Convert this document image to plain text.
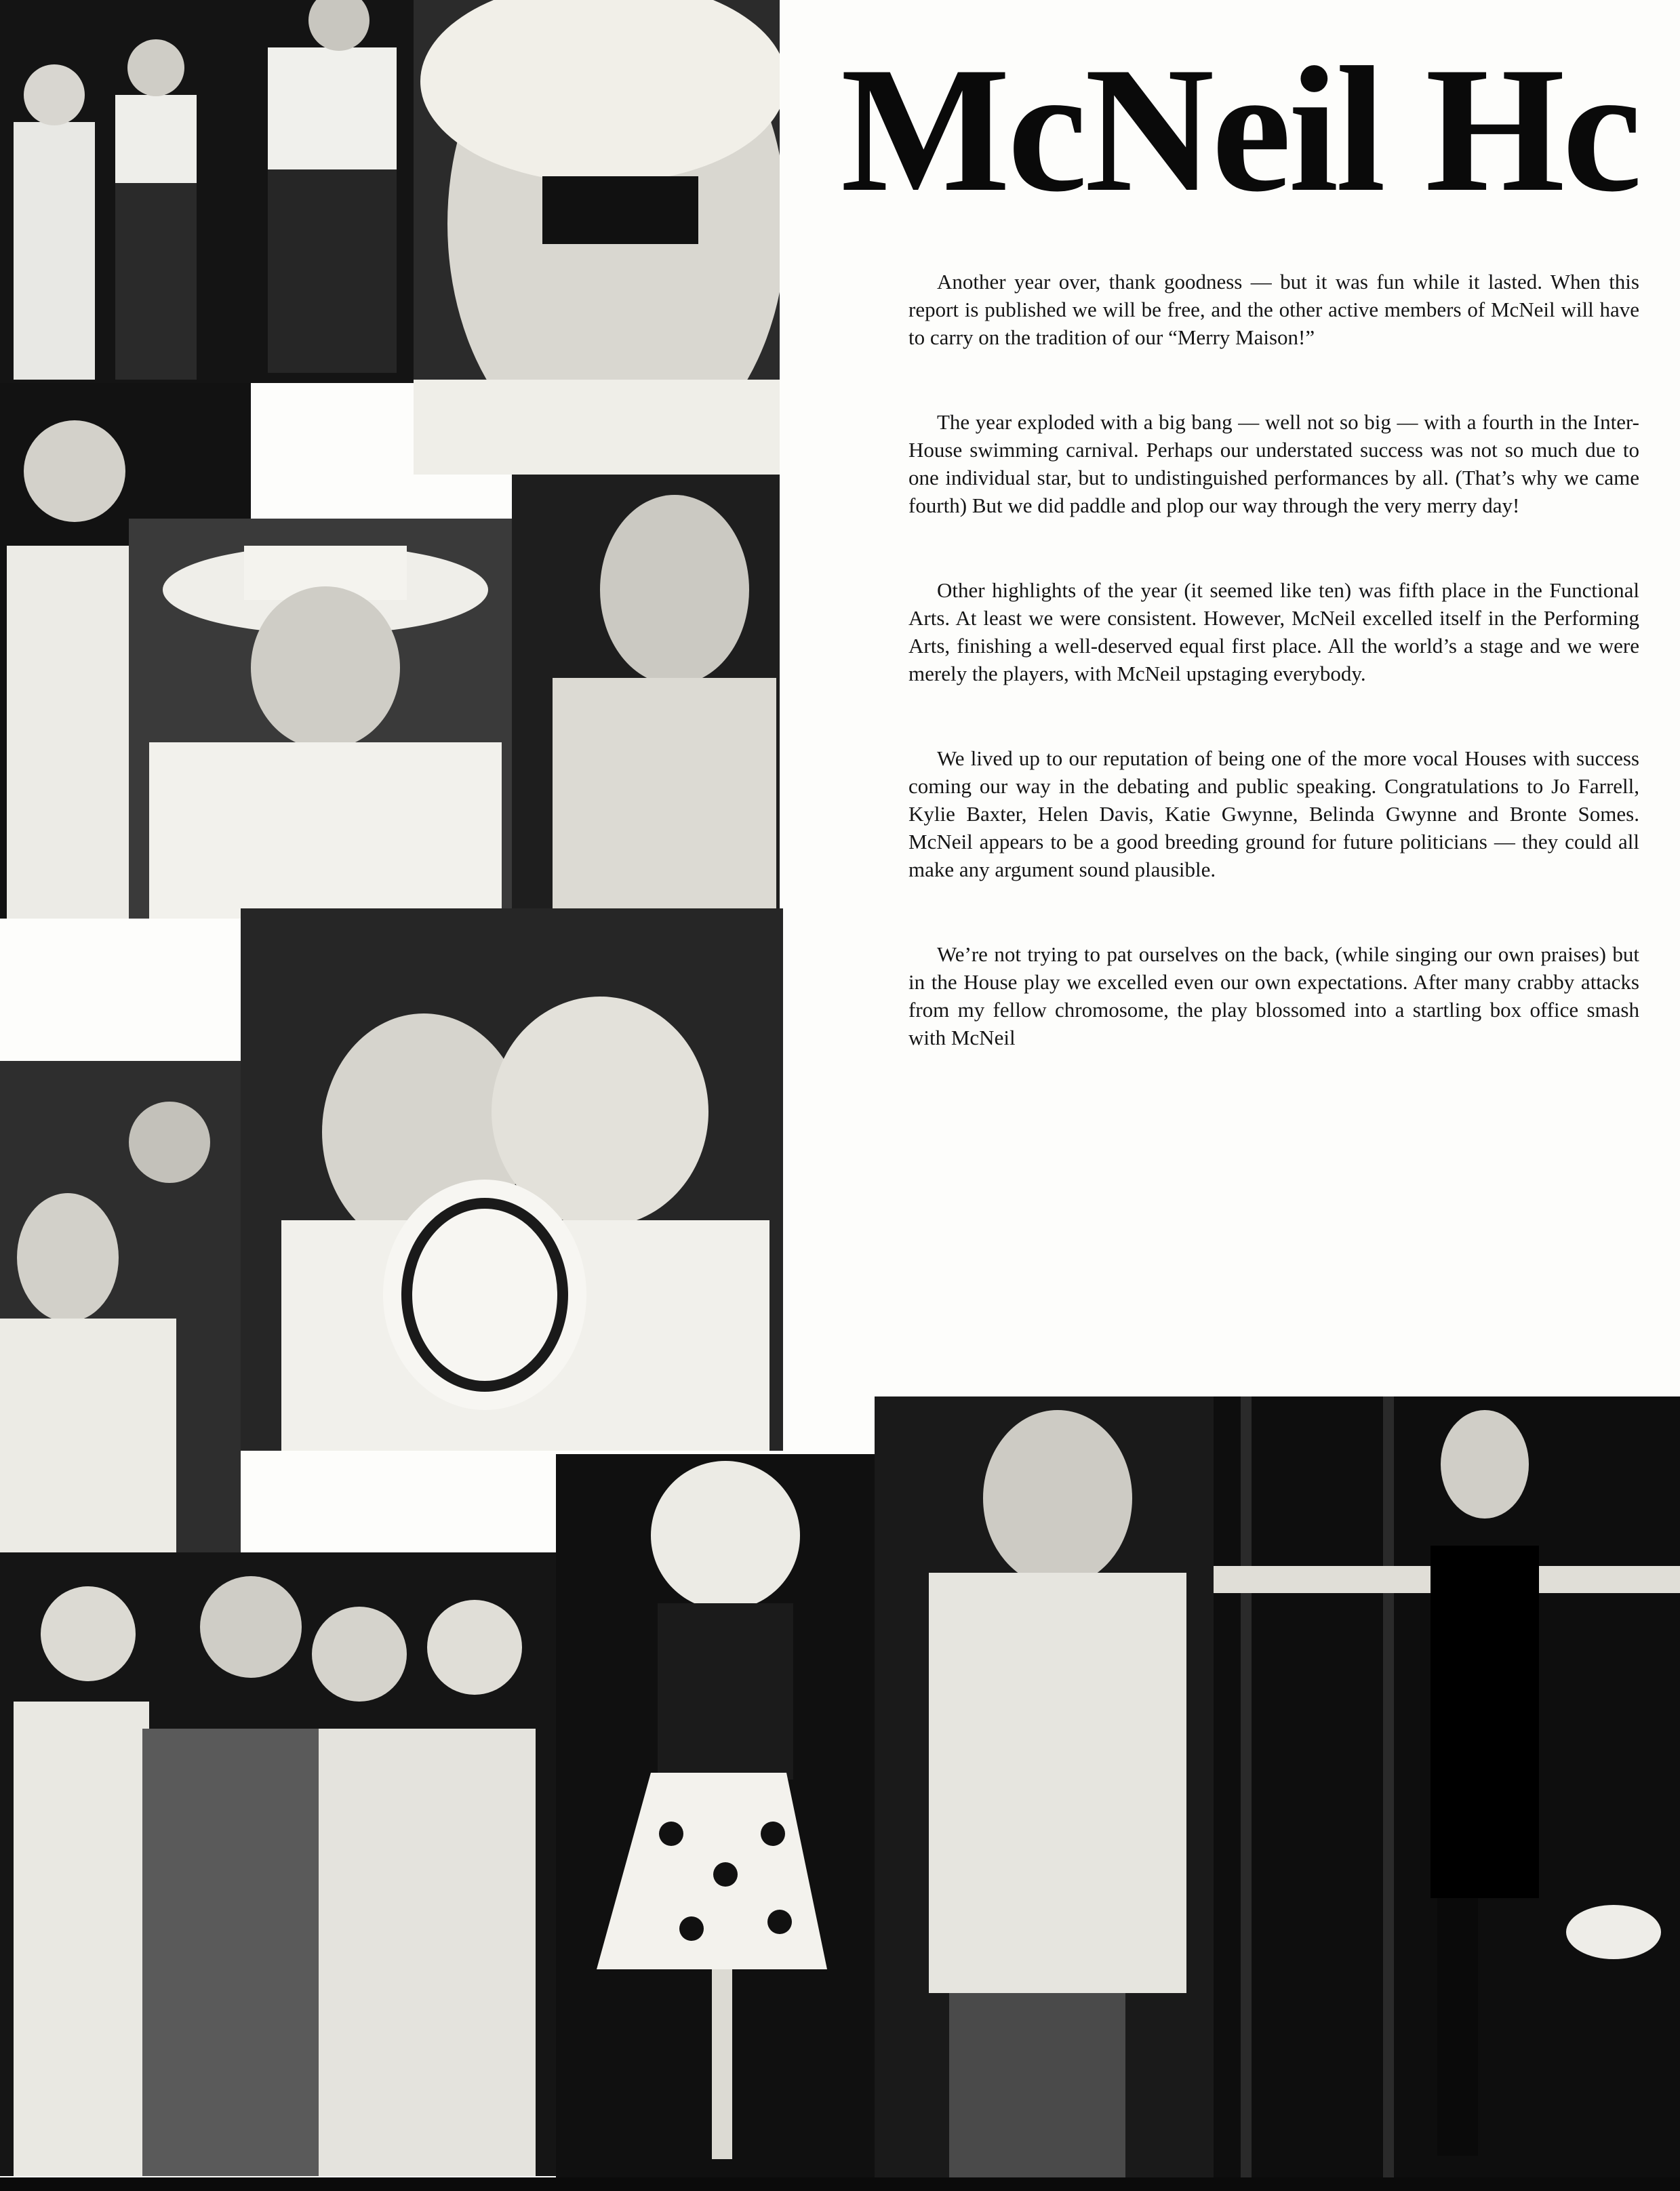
McNeil Hc

Another year over, thank goodness — but it was fun while it lasted. When this report is published we will be free, and the other active members of McNeil will have to carry on the tradition of our “Merry Maison!”

The year exploded with a big bang — well not so big — with a fourth in the Inter-House swimming carnival. Perhaps our understated success was not so much due to one individual star, but to undistinguished performances by all. (That’s why we came fourth) But we did paddle and plop our way through the very merry day!

Other highlights of the year (it seemed like ten) was fifth place in the Functional Arts. At least we were consistent. However, McNeil excelled itself in the Performing Arts, finishing a well-deserved equal first place. All the world’s a stage and we were merely the players, with McNeil upstaging everybody.

We lived up to our reputation of being one of the more vocal Houses with success coming our way in the debating and public speaking. Congratulations to Jo Farrell, Kylie Baxter, Helen Davis, Katie Gwynne, Belinda Gwynne and Bronte Somes. McNeil appears to be a good breeding ground for future politicians — they could all make any argument sound plausible.

We’re not trying to pat ourselves on the back, (while singing our own praises) but in the House play we excelled even our own expectations. After many crabby attacks from my fellow chromosome, the play blossomed into a startling box office smash with McNeil
